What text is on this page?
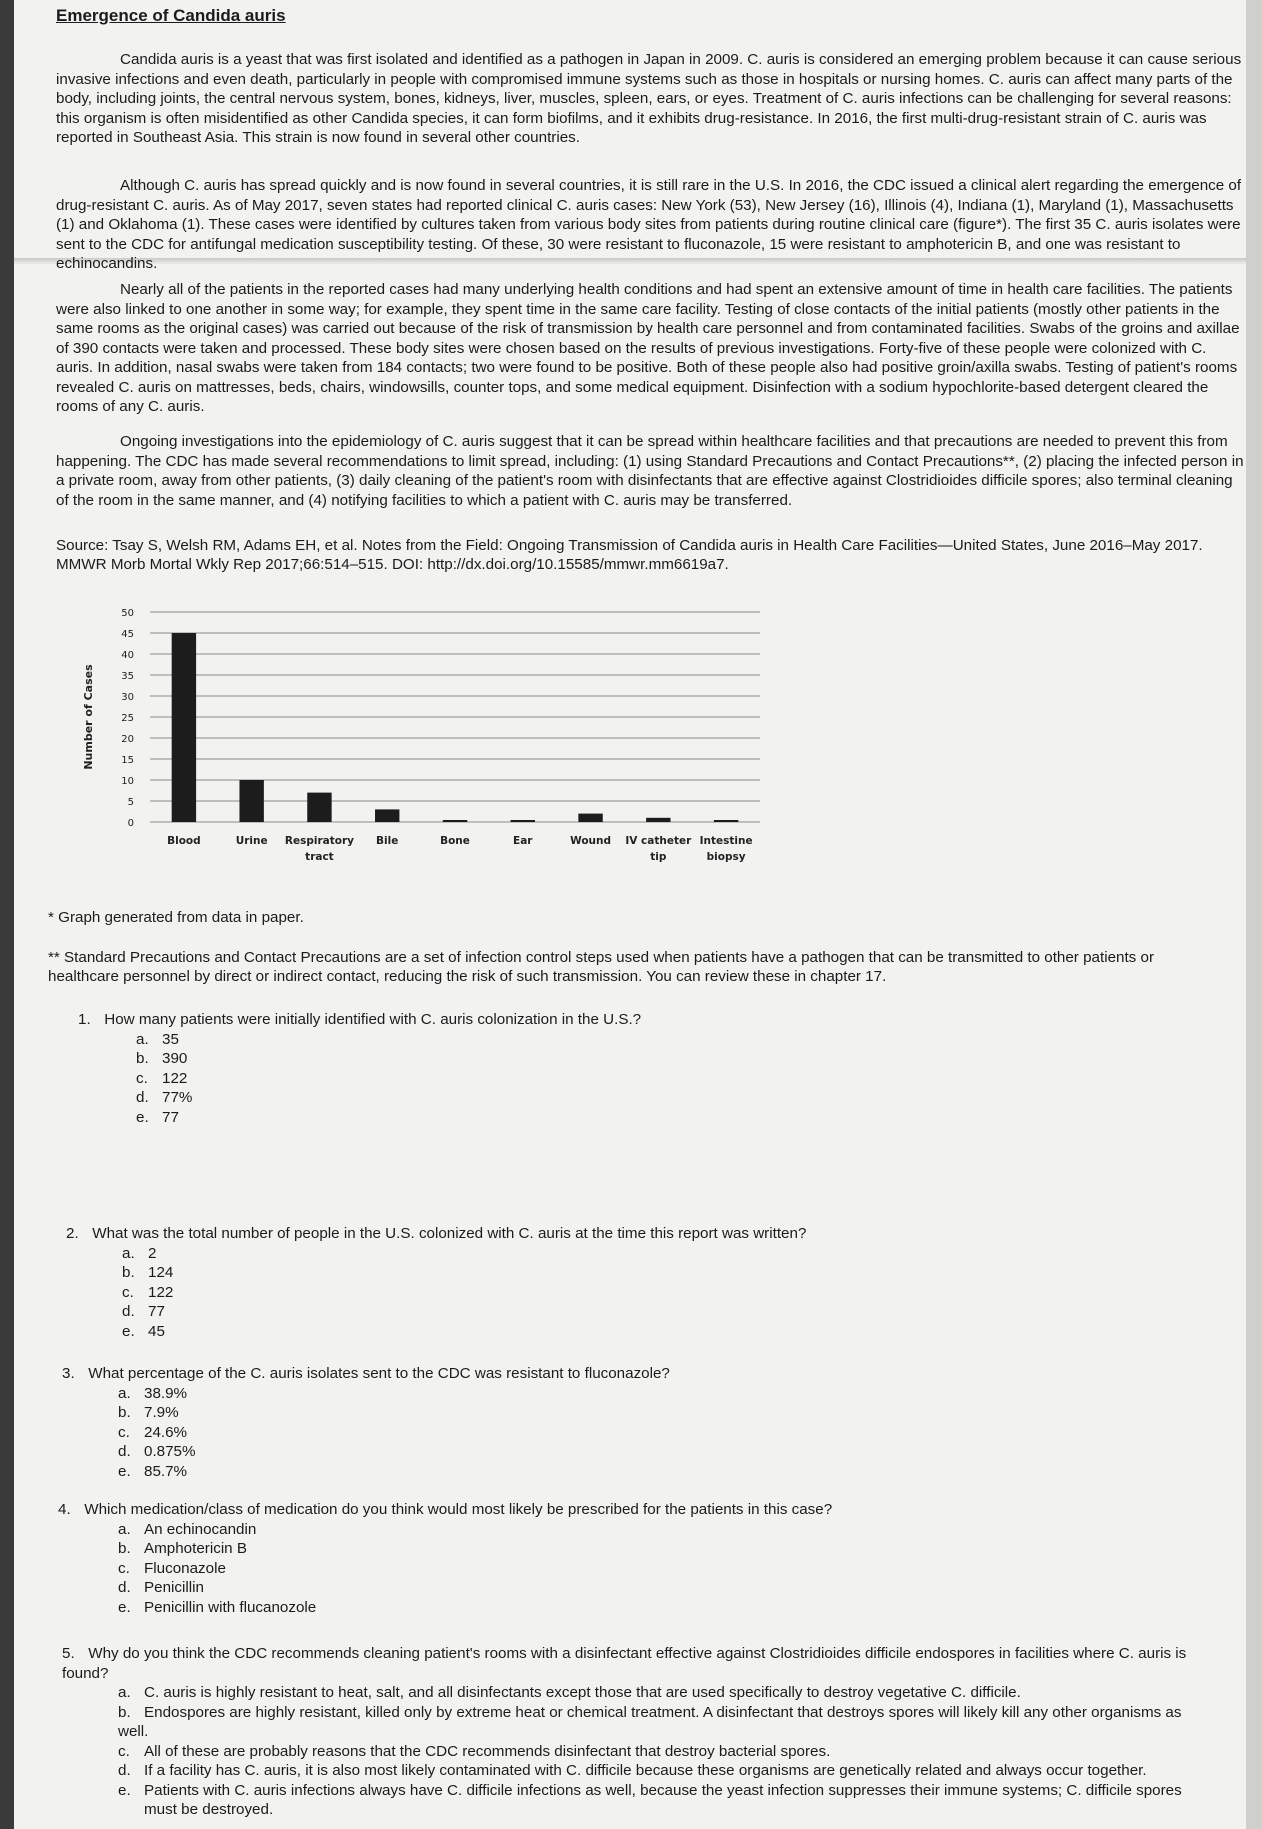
Emergence of Candida auris

Candida auris is a yeast that was first isolated and identified as a pathogen in Japan in 2009. C. auris is considered an emerging problem because it can cause serious invasive infections and even death, particularly in people with compromised immune systems such as those in hospitals or nursing homes. C. auris can affect many parts of the body, including joints, the central nervous system, bones, kidneys, liver, muscles, spleen, ears, or eyes. Treatment of C. auris infections can be challenging for several reasons: this organism is often misidentified as other Candida species, it can form biofilms, and it exhibits drug-resistance. In 2016, the first multi-drug-resistant strain of C. auris was reported in Southeast Asia. This strain is now found in several other countries.

Although C. auris has spread quickly and is now found in several countries, it is still rare in the U.S. In 2016, the CDC issued a clinical alert regarding the emergence of drug-resistant C. auris. As of May 2017, seven states had reported clinical C. auris cases: New York (53), New Jersey (16), Illinois (4), Indiana (1), Maryland (1), Massachusetts (1) and Oklahoma (1). These cases were identified by cultures taken from various body sites from patients during routine clinical care (figure*). The first 35 C. auris isolates were sent to the CDC for antifungal medication susceptibility testing. Of these, 30 were resistant to fluconazole, 15 were resistant to amphotericin B, and one was resistant to echinocandins.

Nearly all of the patients in the reported cases had many underlying health conditions and had spent an extensive amount of time in health care facilities. The patients were also linked to one another in some way; for example, they spent time in the same care facility. Testing of close contacts of the initial patients (mostly other patients in the same rooms as the original cases) was carried out because of the risk of transmission by health care personnel and from contaminated facilities. Swabs of the groins and axillae of 390 contacts were taken and processed. These body sites were chosen based on the results of previous investigations. Forty-five of these people were colonized with C. auris. In addition, nasal swabs were taken from 184 contacts; two were found to be positive. Both of these people also had positive groin/axilla swabs. Testing of patient's rooms revealed C. auris on mattresses, beds, chairs, windowsills, counter tops, and some medical equipment. Disinfection with a sodium hypochlorite-based detergent cleared the rooms of any C. auris.

Ongoing investigations into the epidemiology of C. auris suggest that it can be spread within healthcare facilities and that precautions are needed to prevent this from happening. The CDC has made several recommendations to limit spread, including: (1) using Standard Precautions and Contact Precautions**, (2) placing the infected person in a private room, away from other patients, (3) daily cleaning of the patient's room with disinfectants that are effective against Clostridioides difficile spores; also terminal cleaning of the room in the same manner, and (4) notifying facilities to which a patient with C. auris may be transferred.

Source: Tsay S, Welsh RM, Adams EH, et al. Notes from the Field: Ongoing Transmission of Candida auris in Health Care Facilities—United States, June 2016–May 2017. MMWR Morb Mortal Wkly Rep 2017;66:514–515. DOI: http://dx.doi.org/10.15585/mmwr.mm6619a7.

0
5
10
15
20
25
30
35
40
45
50
Number of Cases
Blood	Urine Respiratory
tract
Bile	Bone	Ear	Wound IV catheter
tip
Intestine
biopsy

* Graph generated from data in paper.

** Standard Precautions and Contact Precautions are a set of infection control steps used when patients have a pathogen that can be transmitted to other patients or healthcare personnel by direct or indirect contact, reducing the risk of such transmission. You can review these in chapter 17.

1. How many patients were initially identified with C. auris colonization in the U.S.?
a. 35
b. 390
c. 122
d. 77%
e. 77
2. What was the total number of people in the U.S. colonized with C. auris at the time this report was written?
a. 2
b. 124
c. 122
d. 77
e. 45
3. What percentage of the C. auris isolates sent to the CDC was resistant to fluconazole?
a. 38.9%
b. 7.9%
c. 24.6%
d. 0.875%
e. 85.7%
4. Which medication/class of medication do you think would most likely be prescribed for the patients in this case?
a. An echinocandin
b. Amphotericin B
c. Fluconazole
d. Penicillin
e. Penicillin with flucanozole
5. Why do you think the CDC recommends cleaning patient's rooms with a disinfectant effective against Clostridioides difficile endospores in facilities where C. auris is found?
a. C. auris is highly resistant to heat, salt, and all disinfectants except those that are used specifically to destroy vegetative C. difficile.
b. Endospores are highly resistant, killed only by extreme heat or chemical treatment. A disinfectant that destroys spores will likely kill any other organisms as well.
c. All of these are probably reasons that the CDC recommends disinfectant that destroy bacterial spores.
d. If a facility has C. auris, it is also most likely contaminated with C. difficile because these organisms are genetically related and always occur together.
e. Patients with C. auris infections always have C. difficile infections as well, because the yeast infection suppresses their immune systems; C. difficile spores must be destroyed.
